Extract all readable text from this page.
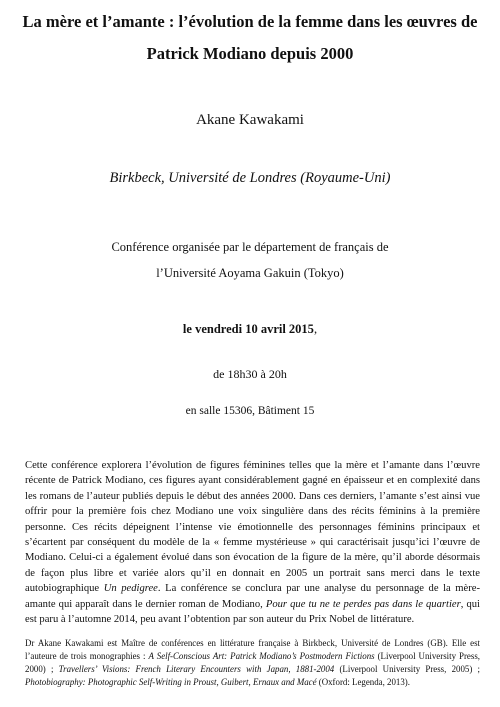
La mère et l’amante : l’évolution de la femme dans les œuvres de Patrick Modiano depuis 2000
Akane Kawakami
Birkbeck, Université de Londres (Royaume-Uni)
Conférence organisée par le département de français de
l’Université Aoyama Gakuin (Tokyo)
le vendredi 10 avril 2015,
de 18h30 à 20h
en salle 15306, Bâtiment 15

Cette conférence explorera l’évolution de figures féminines telles que la mère et l’amante dans l’œuvre récente de Patrick Modiano, ces figures ayant considérablement gagné en épaisseur et en complexité dans les romans de l’auteur publiés depuis le début des années 2000. Dans ces derniers, l’amante s’est ainsi vue offrir pour la première fois chez Modiano une voix singulière dans des récits féminins à la première personne. Ces récits dépeignent l’intense vie émotionnelle des personnages féminins principaux et s’écartent par conséquent du modèle de la « femme mystérieuse » qui caractérisait jusqu’ici l’œuvre de Modiano. Celui-ci a également évolué dans son évocation de la figure de la mère, qu’il aborde désormais de façon plus libre et variée alors qu’il en donnait en 2005 un portrait sans merci dans le texte autobiographique Un pedigree. La conférence se conclura par une analyse du personnage de la mère-amante qui apparaît dans le dernier roman de Modiano, Pour que tu ne te perdes pas dans le quartier, qui est paru à l’automne 2014, peu avant l’obtention par son auteur du Prix Nobel de littérature.

Dr Akane Kawakami est Maître de conférences en littérature française à Birkbeck, Université de Londres (GB). Elle est l’auteure de trois monographies : A Self-Conscious Art: Patrick Modiano’s Postmodern Fictions (Liverpool University Press, 2000) ; Travellers’ Visions: French Literary Encounters with Japan, 1881-2004 (Liverpool University Press, 2005) ; Photobiography: Photographic Self-Writing in Proust, Guibert, Ernaux and Macé (Oxford: Legenda, 2013).
